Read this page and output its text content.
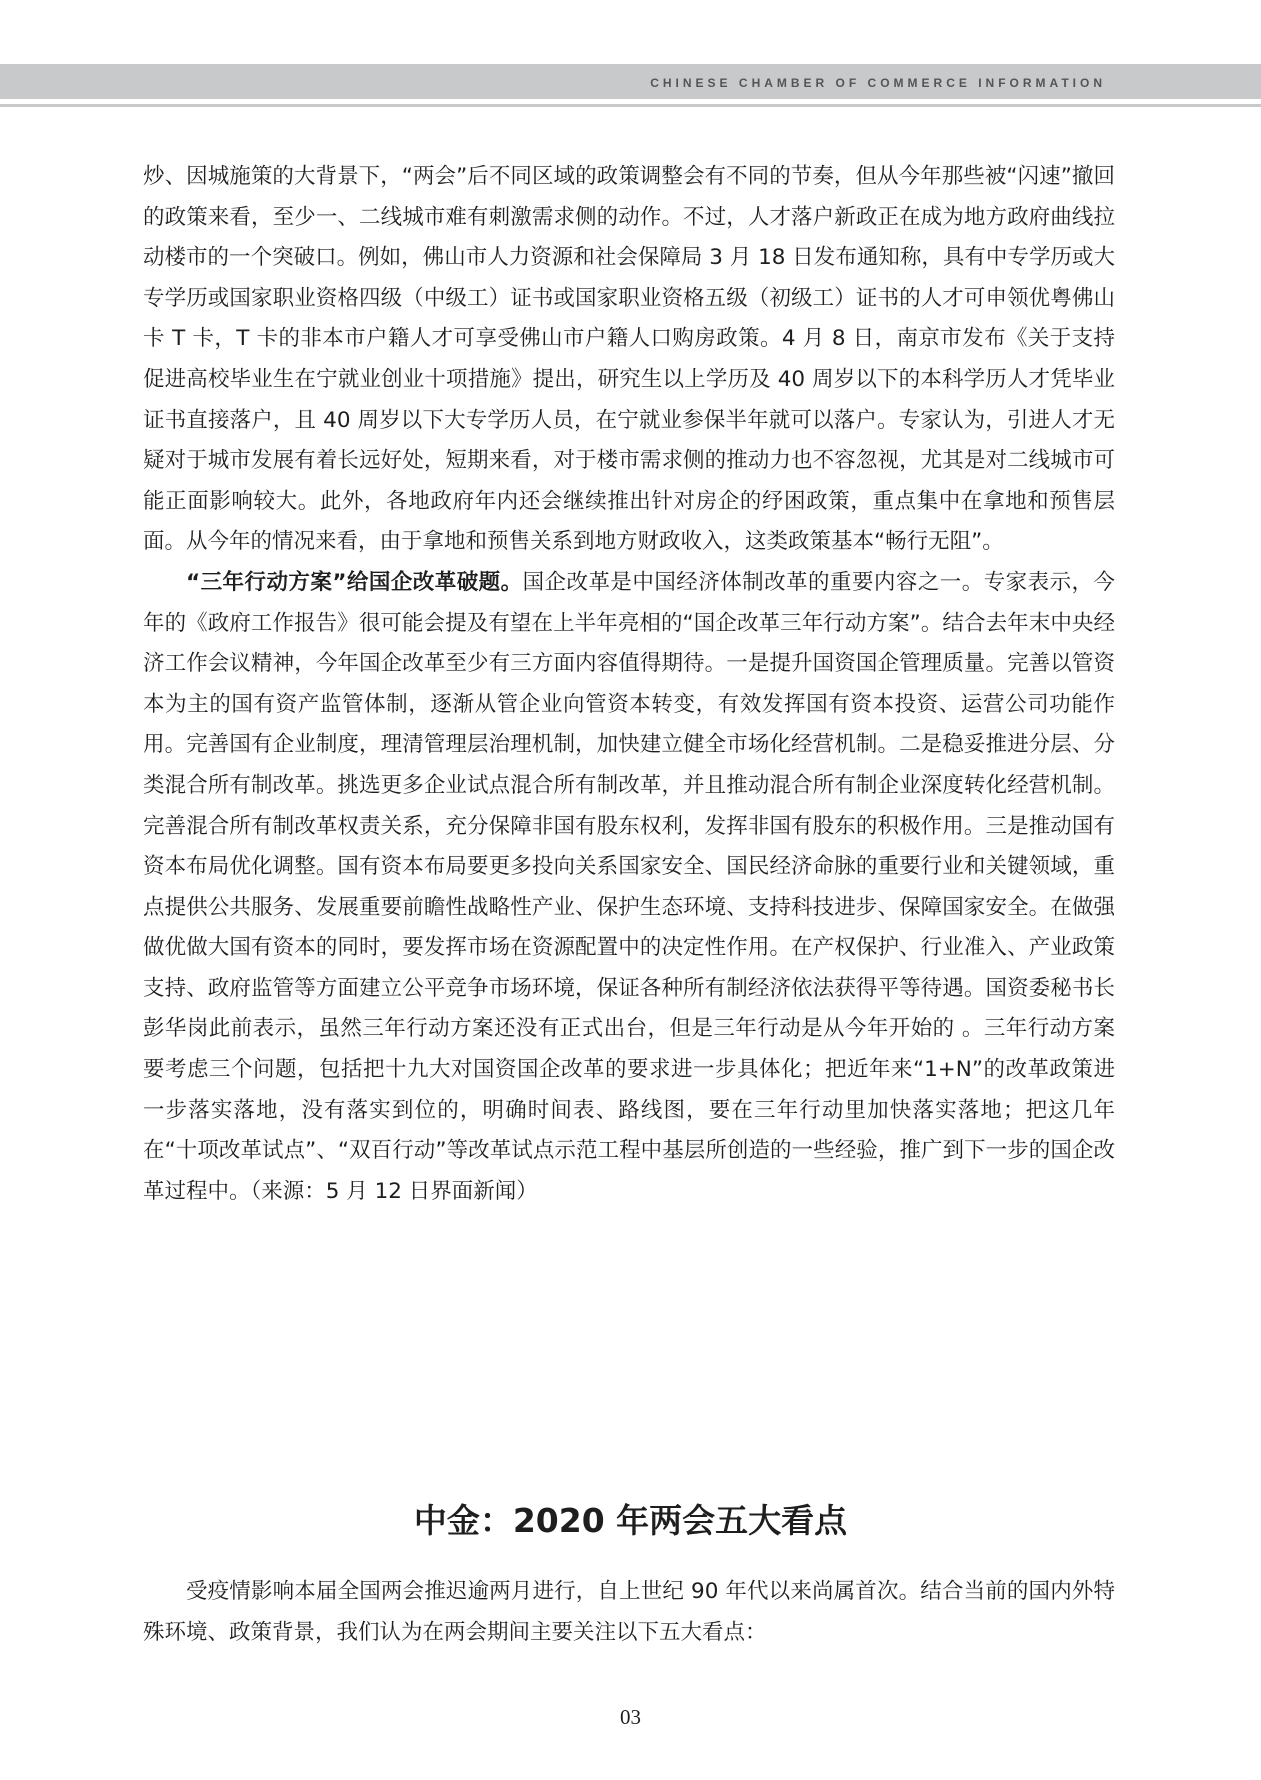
CHINESE CHAMBER OF COMMERCE INFORMATION

炒、因城施策的大背景下，“两会”后不同区域的政策调整会有不同的节奏，但从今年那些被“闪速”撤回的政策来看，至少一、二线城市难有刺激需求侧的动作。不过，人才落户新政正在成为地方政府曲线拉动楼市的一个突破口。例如，佛山市人力资源和社会保障局 3 月 18 日发布通知称，具有中专学历或大专学历或国家职业资格四级（中级工）证书或国家职业资格五级（初级工）证书的人才可申领优粤佛山卡 T 卡，T 卡的非本市户籍人才可享受佛山市户籍人口购房政策。4 月 8 日，南京市发布《关于支持促进高校毕业生在宁就业创业十项措施》提出，研究生以上学历及 40 周岁以下的本科学历人才凭毕业证书直接落户，且 40 周岁以下大专学历人员，在宁就业参保半年就可以落户。专家认为，引进人才无疑对于城市发展有着长远好处，短期来看，对于楼市需求侧的推动力也不容忽视，尤其是对二线城市可能正面影响较大。此外，各地政府年内还会继续推出针对房企的纾困政策，重点集中在拿地和预售层面。从今年的情况来看，由于拿地和预售关系到地方财政收入，这类政策基本“畅行无阻”。

“三年行动方案”给国企改革破题。国企改革是中国经济体制改革的重要内容之一。专家表示，今年的《政府工作报告》很可能会提及有望在上半年亮相的“国企改革三年行动方案”。结合去年末中央经济工作会议精神，今年国企改革至少有三方面内容值得期待。一是提升国资国企管理质量。完善以管资本为主的国有资产监管体制，逐渐从管企业向管资本转变，有效发挥国有资本投资、运营公司功能作用。完善国有企业制度，理清管理层治理机制，加快建立健全市场化经营机制。二是稳妥推进分层、分类混合所有制改革。挑选更多企业试点混合所有制改革，并且推动混合所有制企业深度转化经营机制。完善混合所有制改革权责关系，充分保障非国有股东权利，发挥非国有股东的积极作用。三是推动国有资本布局优化调整。国有资本布局要更多投向关系国家安全、国民经济命脉的重要行业和关键领域，重点提供公共服务、发展重要前瞻性战略性产业、保护生态环境、支持科技进步、保障国家安全。在做强做优做大国有资本的同时，要发挥市场在资源配置中的决定性作用。在产权保护、行业准入、产业政策支持、政府监管等方面建立公平竞争市场环境，保证各种所有制经济依法获得平等待遇。国资委秘书长彭华岗此前表示，虽然三年行动方案还没有正式出台，但是三年行动是从今年开始的 。三年行动方案要考虑三个问题，包括把十九大对国资国企改革的要求进一步具体化；把近年来“1+N”的改革政策进一步落实落地，没有落实到位的，明确时间表、路线图，要在三年行动里加快落实落地；把这几年在“十项改革试点”、“双百行动”等改革试点示范工程中基层所创造的一些经验，推广到下一步的国企改革过程中。（来源：5 月 12 日界面新闻）

中金：2020 年两会五大看点

受疫情影响本届全国两会推迟逾两月进行，自上世纪 90 年代以来尚属首次。结合当前的国内外特殊环境、政策背景，我们认为在两会期间主要关注以下五大看点：

03
